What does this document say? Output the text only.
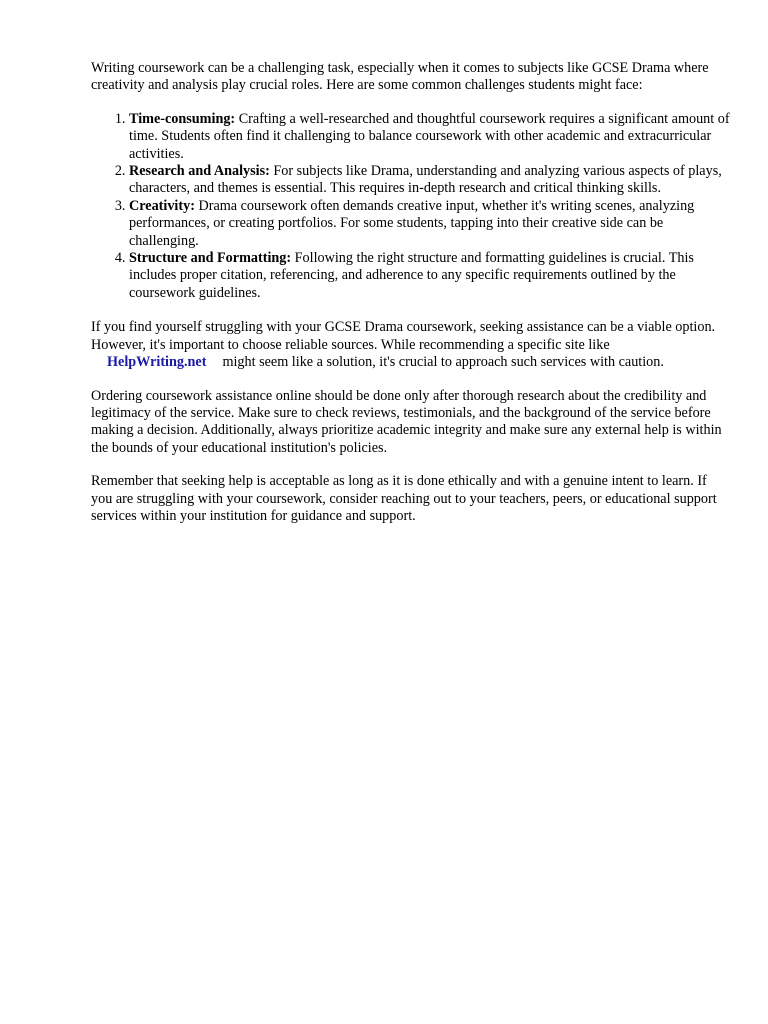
Writing coursework can be a challenging task, especially when it comes to subjects like GCSE Drama where creativity and analysis play crucial roles. Here are some common challenges students might face:

1. Time-consuming: Crafting a well-researched and thoughtful coursework requires a significant amount of time. Students often find it challenging to balance coursework with other academic and extracurricular activities.
2. Research and Analysis: For subjects like Drama, understanding and analyzing various aspects of plays, characters, and themes is essential. This requires in-depth research and critical thinking skills.
3. Creativity: Drama coursework often demands creative input, whether it's writing scenes, analyzing performances, or creating portfolios. For some students, tapping into their creative side can be challenging.
4. Structure and Formatting: Following the right structure and formatting guidelines is crucial. This includes proper citation, referencing, and adherence to any specific requirements outlined by the coursework guidelines.

If you find yourself struggling with your GCSE Drama coursework, seeking assistance can be a viable option. However, it's important to choose reliable sources. While recommending a specific site likeHelpWriting.net might seem like a solution, it's crucial to approach such services with caution.

Ordering coursework assistance online should be done only after thorough research about the credibility and legitimacy of the service. Make sure to check reviews, testimonials, and the background of the service before making a decision. Additionally, always prioritize academic integrity and make sure any external help is within the bounds of your educational institution's policies.

Remember that seeking help is acceptable as long as it is done ethically and with a genuine intent to learn. If you are struggling with your coursework, consider reaching out to your teachers, peers, or educational support services within your institution for guidance and support.
